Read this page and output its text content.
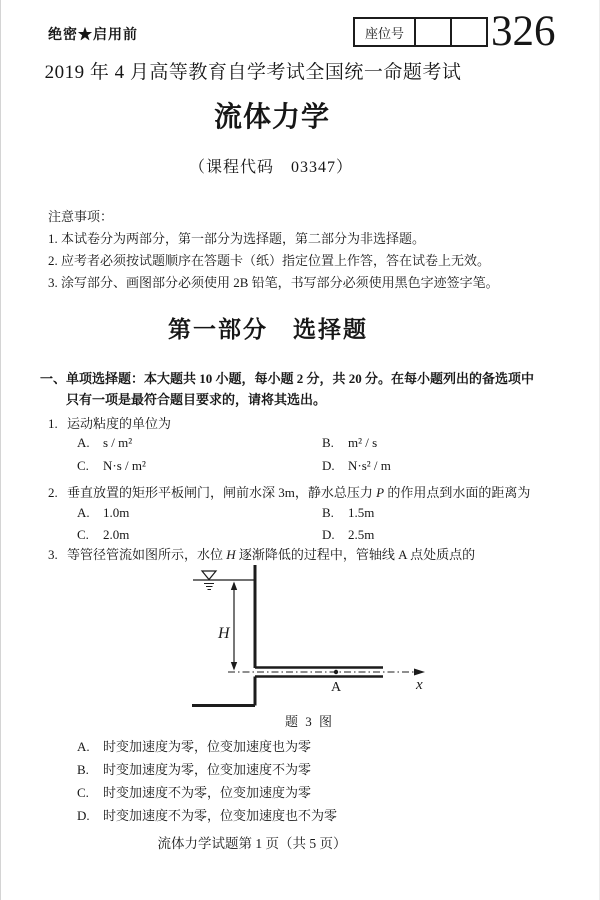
绝密★启用前	座位号 326
2019 年 4 月高等教育自学考试全国统一命题考试
流体力学
（课程代码　03347）
注意事项：
1. 本试卷分为两部分，第一部分为选择题，第二部分为非选择题。
2. 应考者必须按试题顺序在答题卡（纸）指定位置上作答，答在试卷上无效。
3. 涂写部分、画图部分必须使用 2B 铅笔，书写部分必须使用黑色字迹签字笔。
第一部分　选择题
一、单项选择题：本大题共 10 小题，每小题 2 分，共 20 分。在每小题列出的备选项中
只有一项是最符合题目要求的，请将其选出。
1. 运动粘度的单位为
A. s / m²	B. m² / s
C. N·s / m²	D. N·s² / m
2. 垂直放置的矩形平板闸门，闸前水深 3m，静水总压力 P 的作用点到水面的距离为
A. 1.0m	B. 1.5m
C. 2.0m	D. 2.5m
3. 等管径管流如图所示，水位 H 逐渐降低的过程中，管轴线 A 点处质点的
H
x
A
题 3 图
A. 时变加速度为零，位变加速度也为零
B. 时变加速度为零，位变加速度不为零
C. 时变加速度不为零，位变加速度为零
D. 时变加速度不为零，位变加速度也不为零
流体力学试题第 1 页（共 5 页）
